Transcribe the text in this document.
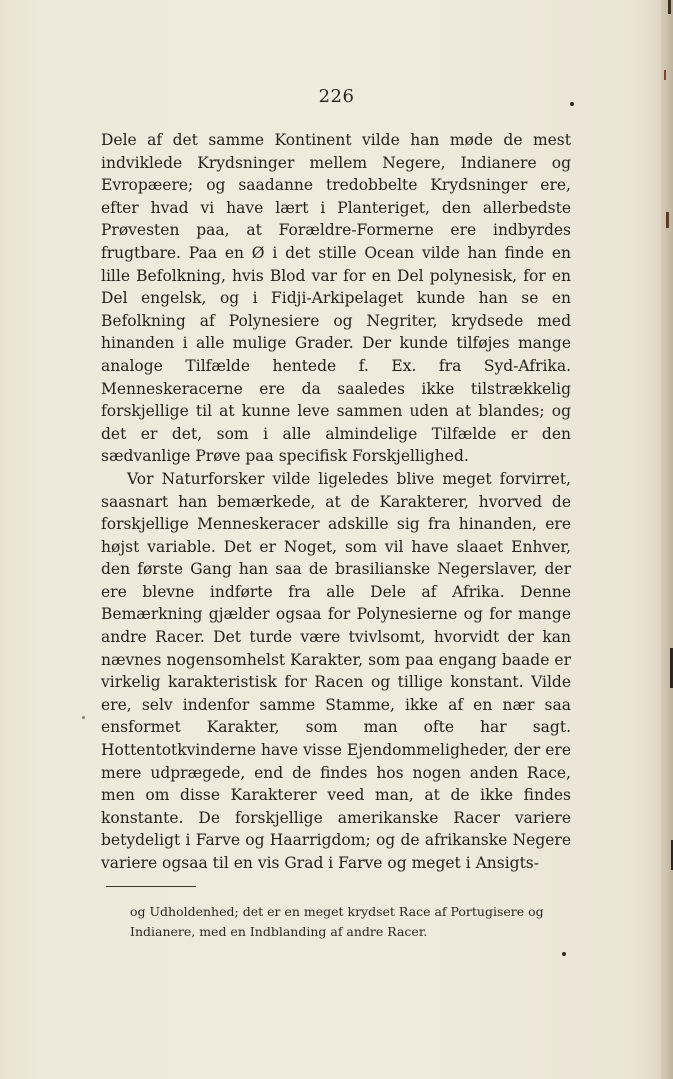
226

Dele af det samme Kontinent vilde han møde de mest indviklede Krydsninger mellem Negere, Indianere og Evropæere; og saadanne tredobbelte Krydsninger ere, efter hvad vi have lært i Planteriget, den allerbedste Prøvesten paa, at Forældre-Formerne ere indbyrdes frugtbare. Paa en Ø i det stille Ocean vilde han finde en lille Befolkning, hvis Blod var for en Del polynesisk, for en Del engelsk, og i Fidji-Arkipelaget kunde han se en Befolkning af Polynesiere og Negriter, krydsede med hinanden i alle mulige Grader. Der kunde tilføjes mange analoge Tilfælde hentede f. Ex. fra Syd-Afrika. Menneskeracerne ere da saaledes ikke tilstrækkelig forskjellige til at kunne leve sammen uden at blandes; og det er det, som i alle almindelige Tilfælde er den sædvanlige Prøve paa specifisk Forskjellighed.

Vor Naturforsker vilde ligeledes blive meget forvirret, saasnart han bemærkede, at de Karakterer, hvorved de forskjellige Menneskeracer adskille sig fra hinanden, ere højst variable. Det er Noget, som vil have slaaet Enhver, den første Gang han saa de brasilianske Negerslaver, der ere blevne indførte fra alle Dele af Afrika. Denne Bemærkning gjælder ogsaa for Polynesierne og for mange andre Racer. Det turde være tvivlsomt, hvorvidt der kan nævnes nogensomhelst Karakter, som paa engang baade er virkelig karakteristisk for Racen og tillige konstant. Vilde ere, selv indenfor samme Stamme, ikke af en nær saa ensformet Karakter, som man ofte har sagt. Hottentotkvinderne have visse Ejendommeligheder, der ere mere udprægede, end de findes hos nogen anden Race, men om disse Karakterer veed man, at de ikke findes konstante. De forskjellige amerikanske Racer variere betydeligt i Farve og Haarrigdom; og de afrikanske Negere variere ogsaa til en vis Grad i Farve og meget i Ansigts-

og Udholdenhed; det er en meget krydset Race af Portugisere og Indianere, med en Indblanding af andre Racer.
